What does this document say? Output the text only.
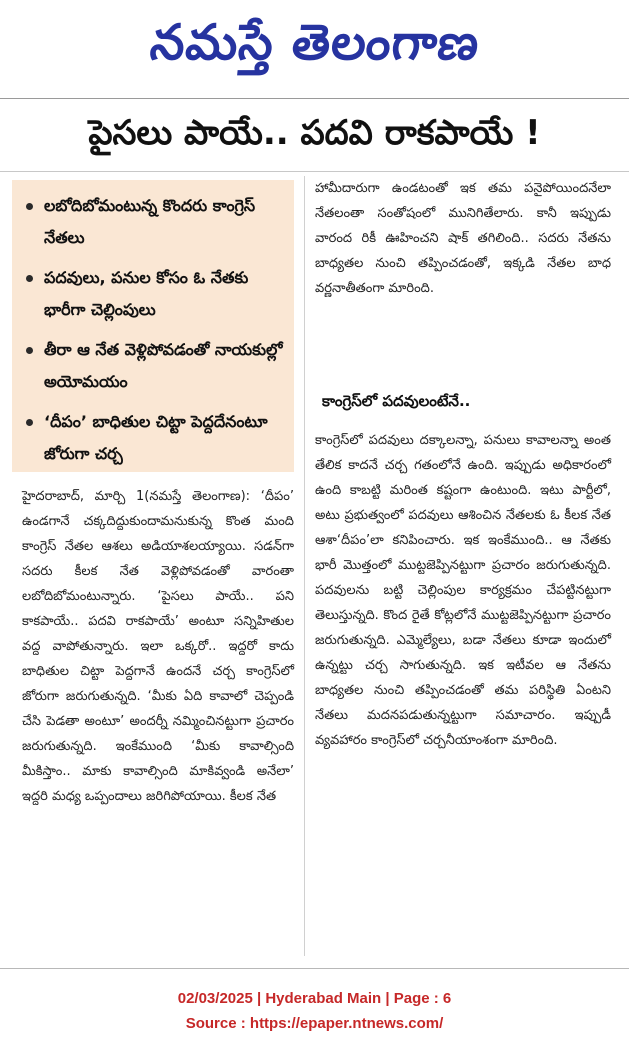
నమస్తే తెలంగాణ
పైసలు పాయే.. పదవి రాకపాయే !
లబోదిబోమంటున్న కొందరు కాంగ్రెస్ నేతలు
పదవులు, పనుల కోసం ఓ నేతకు భారీగా చెల్లింపులు
తీరా ఆ నేత వెళ్లిపోవడంతో నాయకుల్లో అయోమయం
‘దీపం’ బాధితుల చిట్టా పెద్దదేనంటూ జోరుగా చర్చ
హైదరాబాద్, మార్చి 1(నమస్తే తెలంగాణ): ‘దీపం’ ఉండగానే చక్కదిద్దుకుందామనుకున్న కొంత మంది కాంగ్రెస్ నేతల ఆశలు అడియాశలయ్యాయి. సడన్‌గా సదరు కీలక నేత వెళ్లిపోవడంతో వారంతా లబోదిబోమంటున్నారు. ‘పైసలు పాయే.. పని కాకపాయే.. పదవి రాకపాయే’ అంటూ సన్నిహితుల వద్ద వాపోతున్నారు. ఇలా ఒక్కరో.. ఇద్దరో కాదు బాధితుల చిట్టా పెద్దగానే ఉందనే చర్చ కాంగ్రెస్‌లో జోరుగా జరుగుతున్నది. ‘మీకు ఏది కావాలో చెప్పండి చేసి పెడతా అంటూ’ అందర్నీ నమ్మించినట్టుగా ప్రచారం జరుగుతున్నది. ఇంకేముంది ‘మీకు కావాల్సింది మీకిస్తాం.. మాకు కావాల్సింది మాకివ్వండి అనేలా’ ఇద్దరి మధ్య ఒప్పందాలు జరిగిపోయాయి. కీలక నేత
హామీదారుగా ఉండటంతో ఇక తమ పనైపోయిందనేలా నేతలంతా సంతోషంలో మునిగితేలారు. కానీ ఇప్పుడు వారంద రికీ ఊహించని షాక్ తగిలింది.. సదరు నేతను బాధ్యతల నుంచి తప్పించడంతో, ఇక్కడి నేతల బాధ వర్ణనాతీతంగా మారింది.
కాంగ్రెస్‌లో పదవులంటేనే..
కాంగ్రెస్‌లో పదవులు దక్కాలన్నా, పనులు కావాలన్నా అంత తేలిక కాదనే చర్చ గతంలోనే ఉంది. ఇప్పుడు అధికారంలో ఉంది కాబట్టి మరింత కష్టంగా ఉంటుంది. ఇటు పార్టీలో, అటు ప్రభుత్వంలో పదవులు ఆశించిన నేతలకు ఓ కీలక నేత ఆశా‘దీపం’లా కనిపించారు. ఇక ఇంకేముంది.. ఆ నేతకు భారీ మొత్తంలో ముట్టజెప్పినట్టుగా ప్రచారం జరుగుతున్నది. పదవులను బట్టి చెల్లింపుల కార్యక్రమం చేపట్టినట్టుగా తెలుస్తున్నది. కొంద రైతే కోట్లలోనే ముట్టజెప్పినట్టుగా ప్రచారం జరుగుతున్నది. ఎమ్మెల్యేలు, బడా నేతలు కూడా ఇందులో ఉన్నట్టు చర్చ సాగుతున్నది. ఇక ఇటీవల ఆ నేతను బాధ్యతల నుంచి తప్పించడంతో తమ పరిస్థితి ఏంటని నేతలు మదనపడుతున్నట్టుగా సమాచారం. ఇప్పుడీ వ్యవహారం కాంగ్రెస్‌లో చర్చనీయాంశంగా మారింది.
02/03/2025 | Hyderabad Main | Page : 6
Source : https://epaper.ntnews.com/
